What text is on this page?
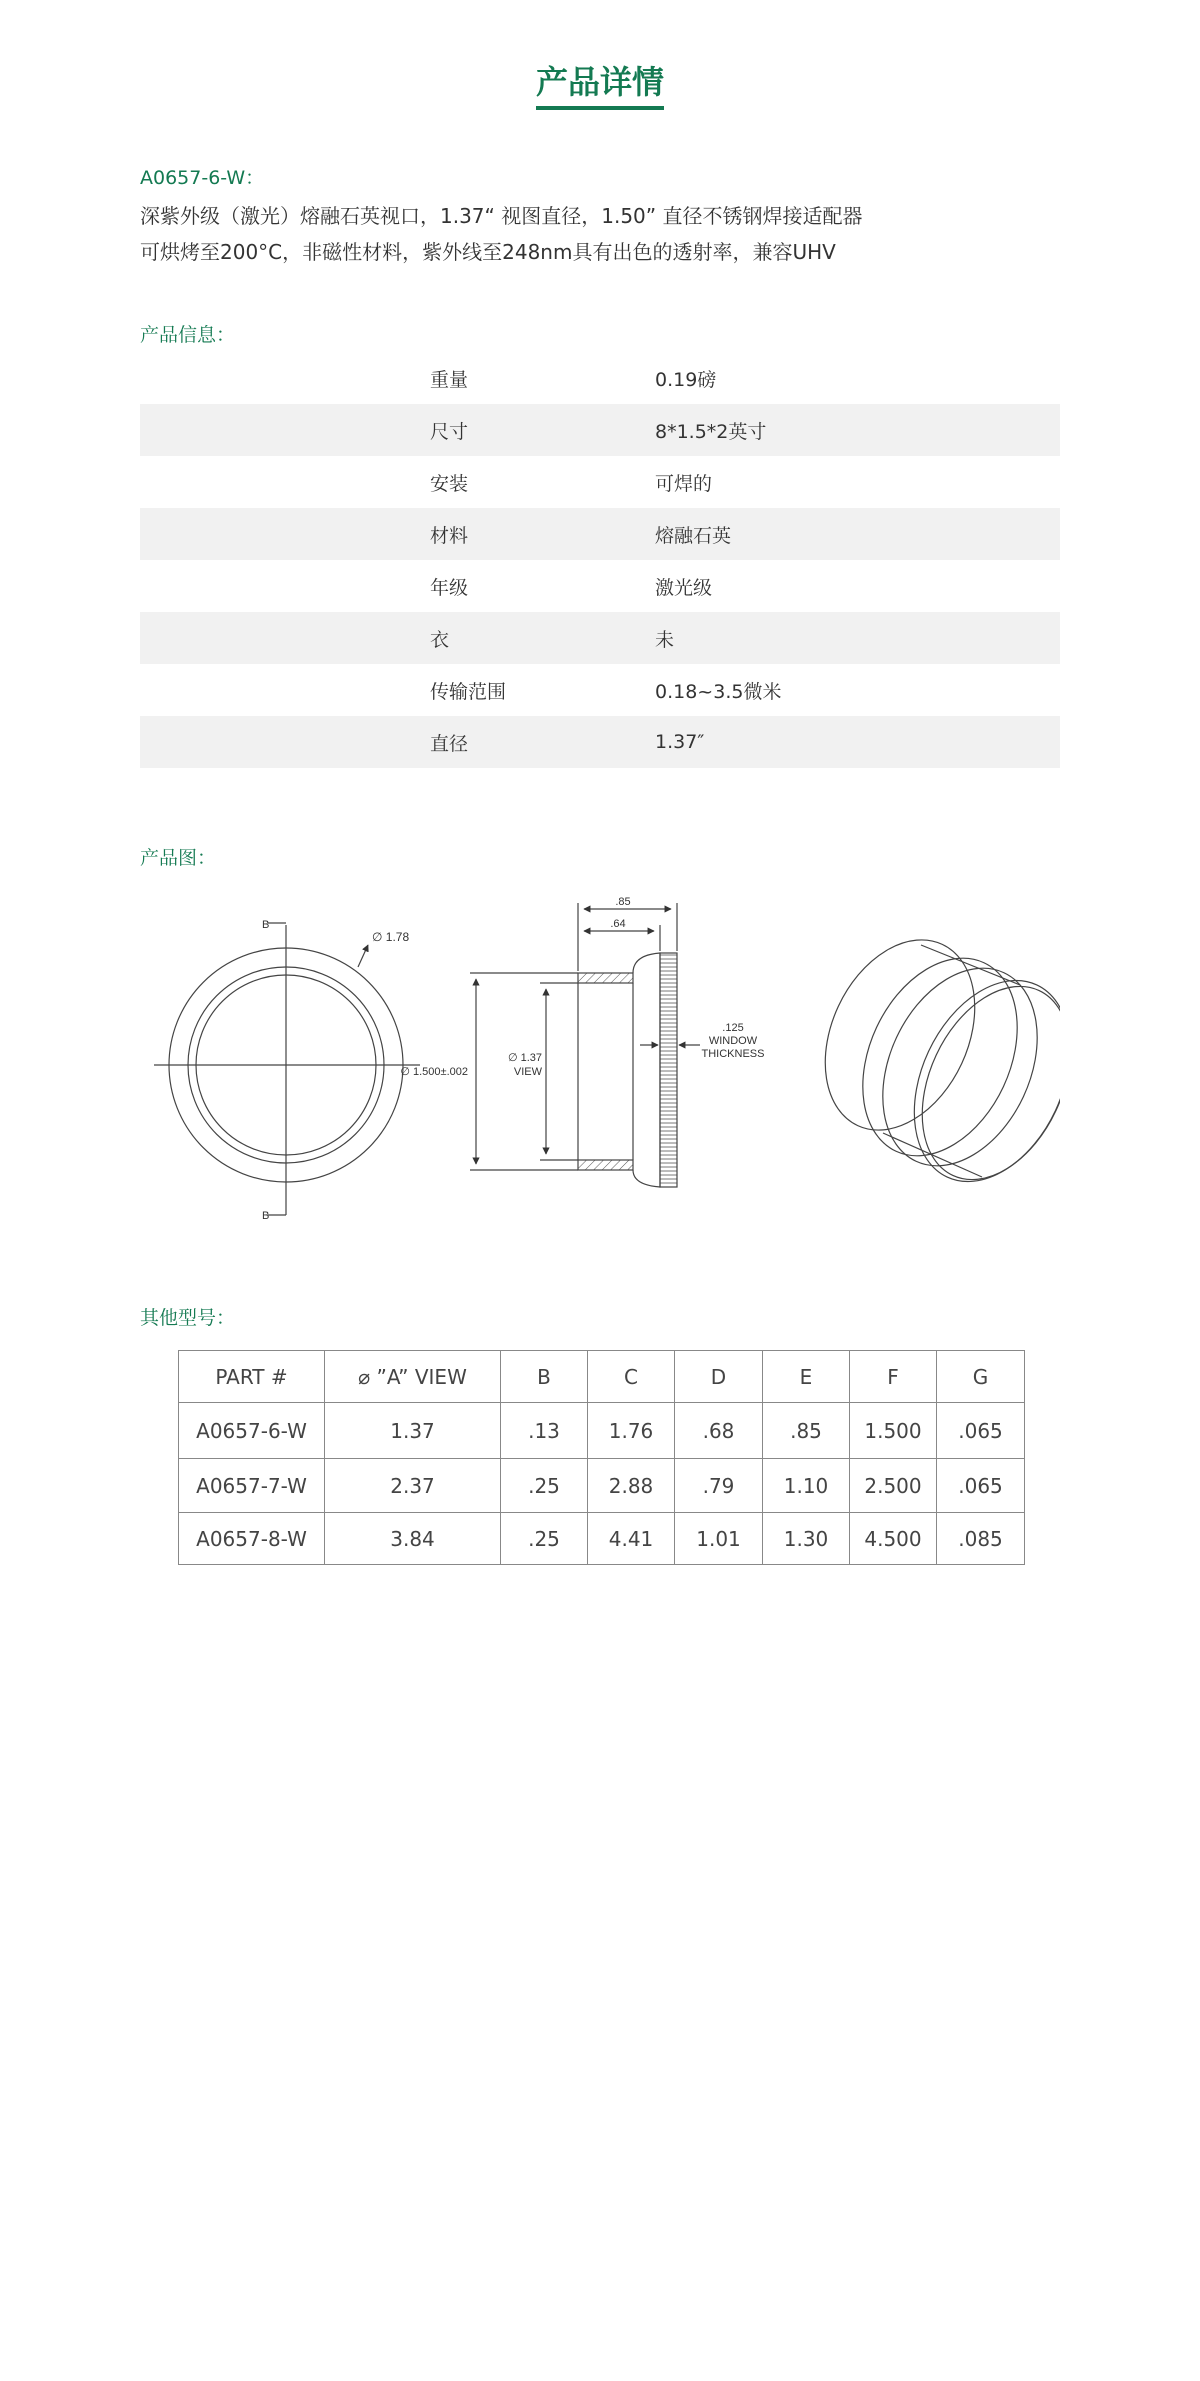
产品详情
A0657-6-W：
深紫外级（激光）熔融石英视口，1.37“ 视图直径，1.50” 直径不锈钢焊接适配器
可烘烤至200°C，非磁性材料，紫外线至248nm具有出色的透射率，兼容UHV
产品信息：
重量	0.19磅
尺寸	8*1.5*2英寸
安装	可焊的
材料	熔融石英
年级	激光级
衣	未
传输范围	0.18~3.5微米
直径	1.37″
产品图：
B
B
∅ 1.78
.85
.64
∅ 1.500±.002
∅ 1.37
VIEW
.125
WINDOW
THICKNESS
其他型号：
PART #	⌀ ”A” VIEW	B	C	D	E	F	G
A0657-6-W	1.37	.13	1.76	.68	.85	1.500	.065
A0657-7-W	2.37	.25	2.88	.79	1.10	2.500	.065
A0657-8-W	3.84	.25	4.41	1.01	1.30	4.500	.085
